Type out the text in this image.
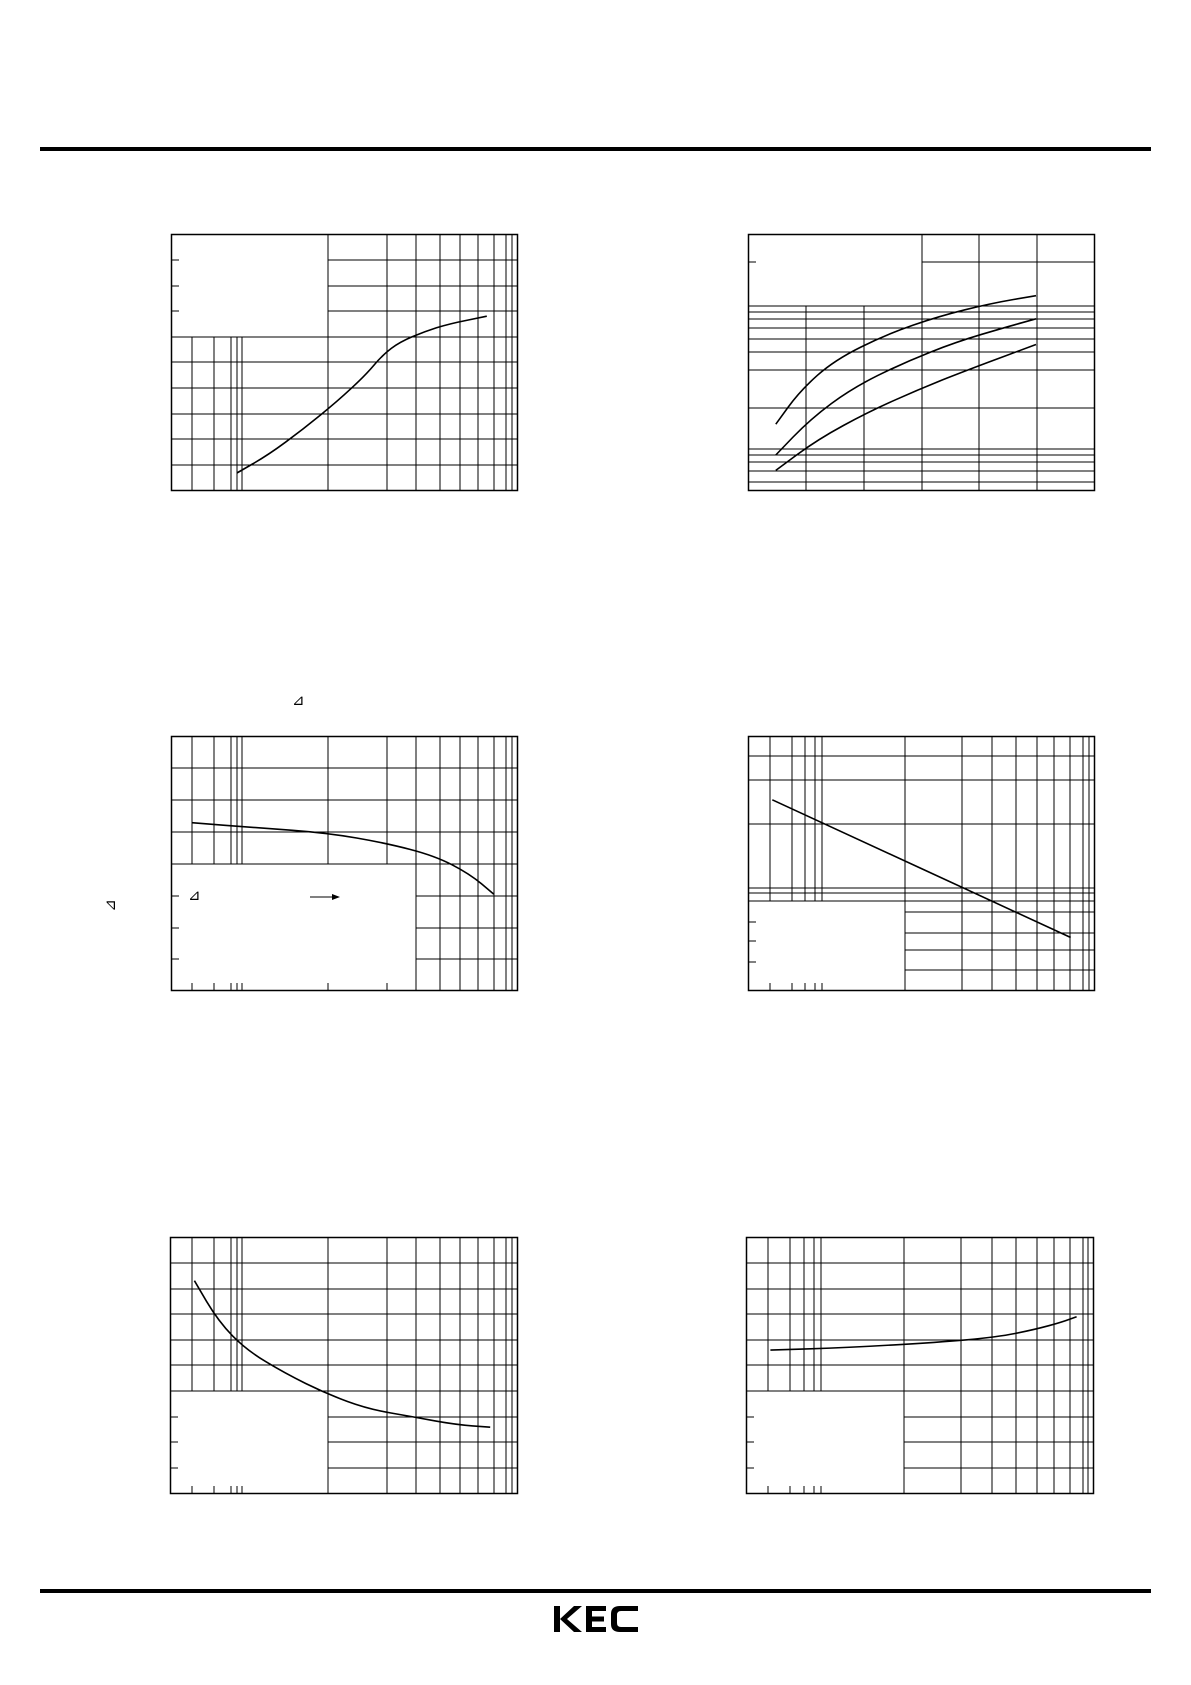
⊿
⊿
⊿
